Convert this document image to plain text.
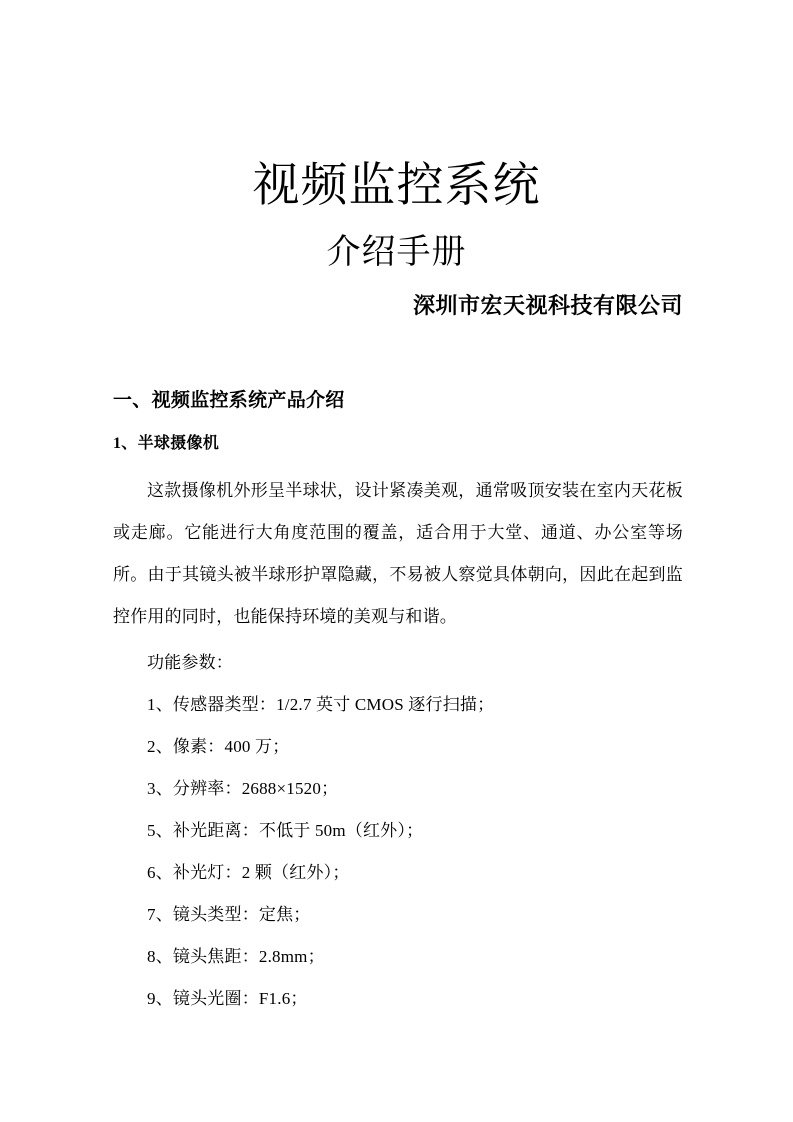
视频监控系统
介绍手册
深圳市宏天视科技有限公司
一、视频监控系统产品介绍
1、半球摄像机

这款摄像机外形呈半球状，设计紧凑美观，通常吸顶安装在室内天花板或走廊。它能进行大角度范围的覆盖，适合用于大堂、通道、办公室等场所。由于其镜头被半球形护罩隐藏，不易被人察觉具体朝向，因此在起到监控作用的同时，也能保持环境的美观与和谐。

功能参数：

1、传感器类型：1/2.7 英寸 CMOS 逐行扫描；
2、像素：400 万；
3、分辨率：2688×1520；
5、补光距离：不低于 50m（红外）；
6、补光灯：2 颗（红外）；
7、镜头类型：定焦；
8、镜头焦距：2.8mm；
9、镜头光圈：F1.6；
